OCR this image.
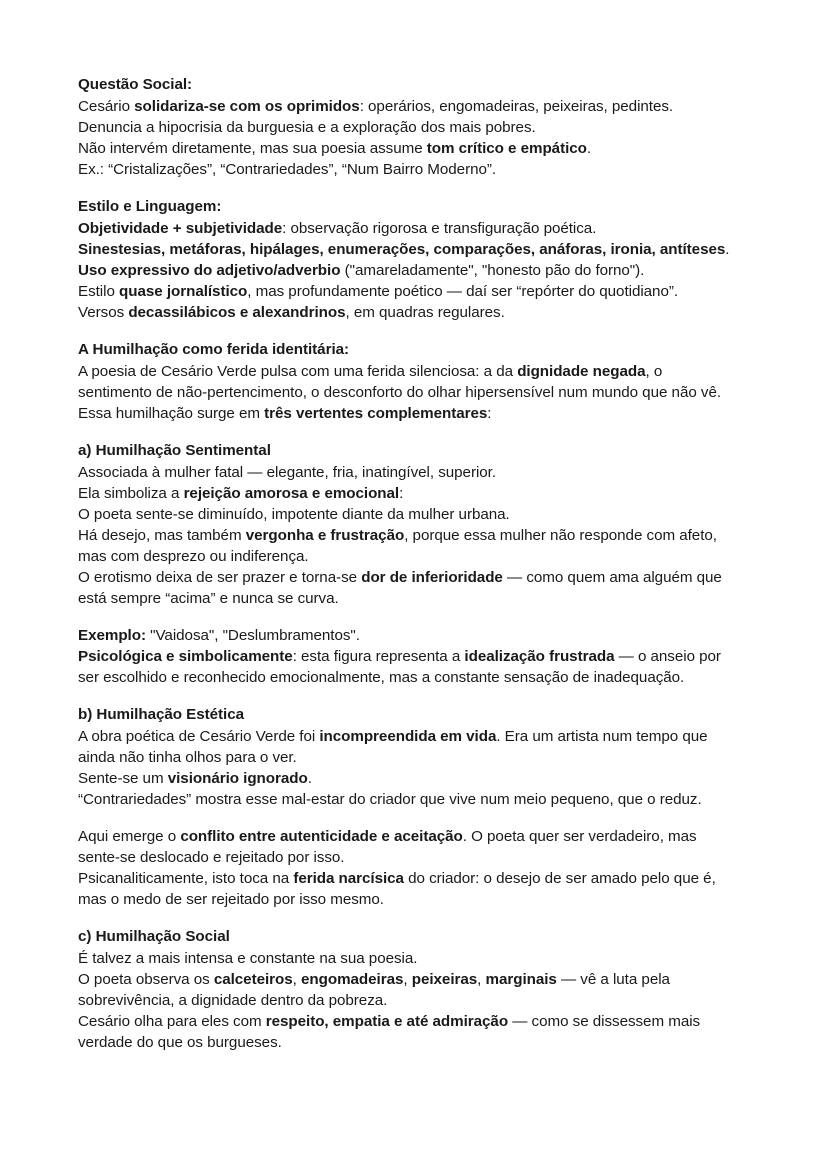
Questão Social:

Cesário solidariza-se com os oprimidos: operários, engomadeiras, peixeiras, pedintes.
Denuncia a hipocrisia da burguesia e a exploração dos mais pobres.
Não intervém diretamente, mas sua poesia assume tom crítico e empático.
Ex.: “Cristalizações”, “Contrariedades”, “Num Bairro Moderno”.

Estilo e Linguagem:

Objetividade + subjetividade: observação rigorosa e transfiguração poética.
Sinestesias, metáforas, hipálages, enumerações, comparações, anáforas, ironia, antíteses.
Uso expressivo do adjetivo/adverbio ("amareladamente", "honesto pão do forno").
Estilo quase jornalístico, mas profundamente poético — daí ser “repórter do quotidiano”.
Versos decassilábicos e alexandrinos, em quadras regulares.

A Humilhação como ferida identitária:

A poesia de Cesário Verde pulsa com uma ferida silenciosa: a da dignidade negada, o sentimento de não-pertencimento, o desconforto do olhar hipersensível num mundo que não vê.
Essa humilhação surge em três vertentes complementares:

a) Humilhação Sentimental

Associada à mulher fatal — elegante, fria, inatingível, superior.
Ela simboliza a rejeição amorosa e emocional:
O poeta sente-se diminuído, impotente diante da mulher urbana.
Há desejo, mas também vergonha e frustração, porque essa mulher não responde com afeto, mas com desprezo ou indiferença.
O erotismo deixa de ser prazer e torna-se dor de inferioridade — como quem ama alguém que está sempre “acima” e nunca se curva.

Exemplo: "Vaidosa", "Deslumbramentos".
Psicológica e simbolicamente: esta figura representa a idealização frustrada — o anseio por ser escolhido e reconhecido emocionalmente, mas a constante sensação de inadequação.

b) Humilhação Estética

A obra poética de Cesário Verde foi incompreendida em vida. Era um artista num tempo que ainda não tinha olhos para o ver.
Sente-se um visionário ignorado.
“Contrariedades” mostra esse mal-estar do criador que vive num meio pequeno, que o reduz.

Aqui emerge o conflito entre autenticidade e aceitação. O poeta quer ser verdadeiro, mas sente-se deslocado e rejeitado por isso.
Psicanaliticamente, isto toca na ferida narcísica do criador: o desejo de ser amado pelo que é, mas o medo de ser rejeitado por isso mesmo.

c) Humilhação Social

É talvez a mais intensa e constante na sua poesia.
O poeta observa os calceteiros, engomadeiras, peixeiras, marginais — vê a luta pela sobrevivência, a dignidade dentro da pobreza.
Cesário olha para eles com respeito, empatia e até admiração — como se dissessem mais verdade do que os burgueses.
